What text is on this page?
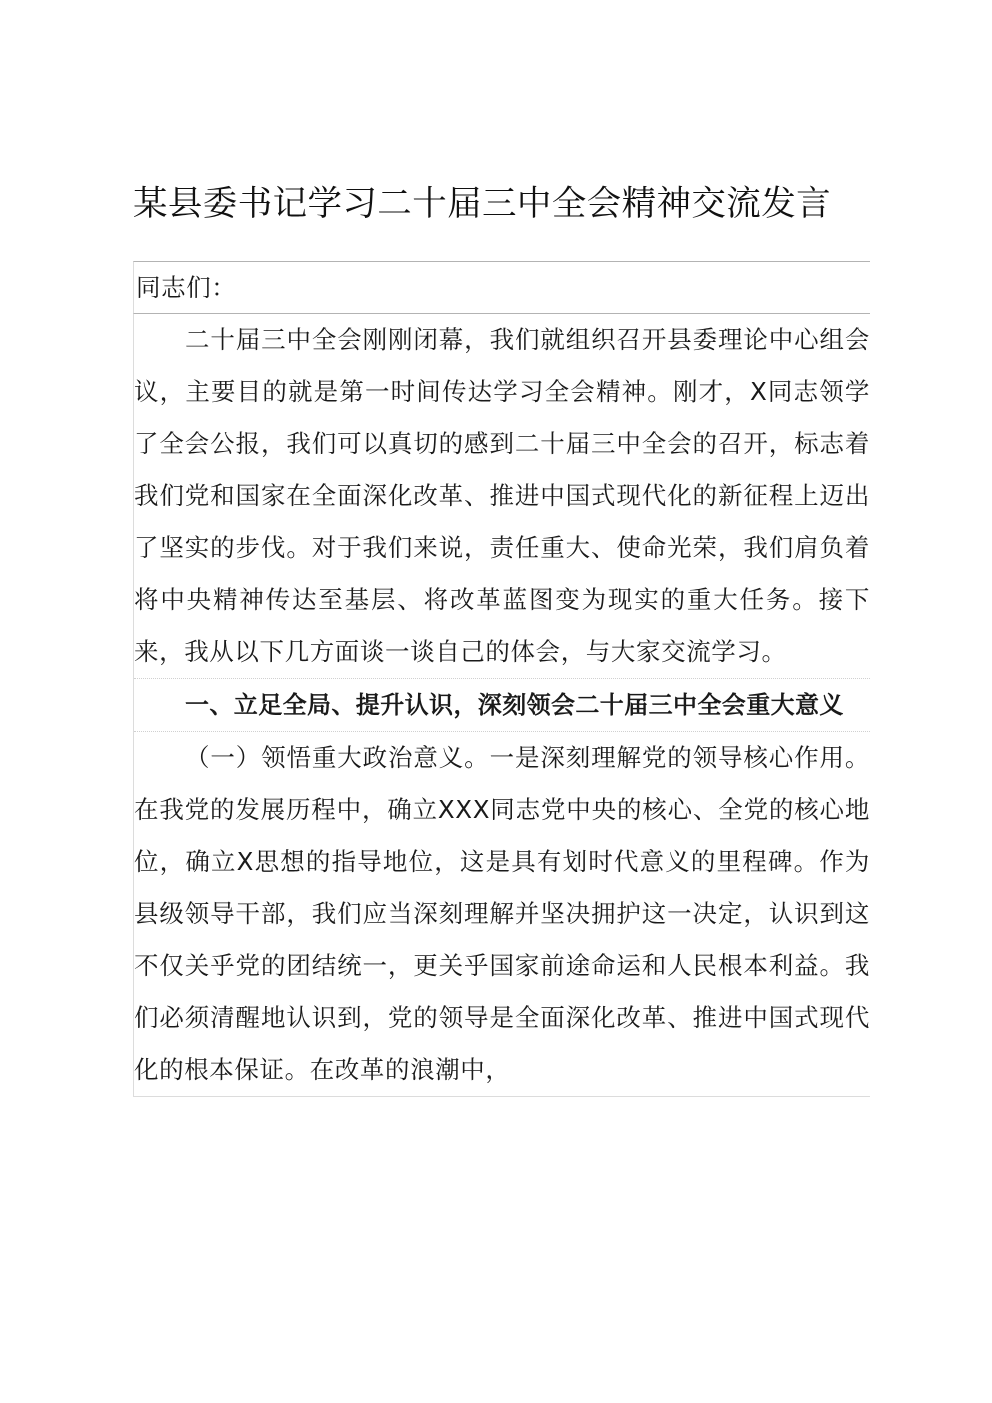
某县委书记学习二十届三中全会精神交流发言

同志们：

二十届三中全会刚刚闭幕，我们就组织召开县委理论中心组会议，主要目的就是第一时间传达学习全会精神。刚才，X同志领学了全会公报，我们可以真切的感到二十届三中全会的召开，标志着我们党和国家在全面深化改革、推进中国式现代化的新征程上迈出了坚实的步伐。对于我们来说，责任重大、使命光荣，我们肩负着将中央精神传达至基层、将改革蓝图变为现实的重大任务。接下来，我从以下几方面谈一谈自己的体会，与大家交流学习。

一、立足全局、提升认识，深刻领会二十届三中全会重大意义

（一）领悟重大政治意义。一是深刻理解党的领导核心作用。在我党的发展历程中，确立XXX同志党中央的核心、全党的核心地位，确立X思想的指导地位，这是具有划时代意义的里程碑。作为县级领导干部，我们应当深刻理解并坚决拥护这一决定，认识到这不仅关乎党的团结统一，更关乎国家前途命运和人民根本利益。我们必须清醒地认识到，党的领导是全面深化改革、推进中国式现代化的根本保证。在改革的浪潮中，
